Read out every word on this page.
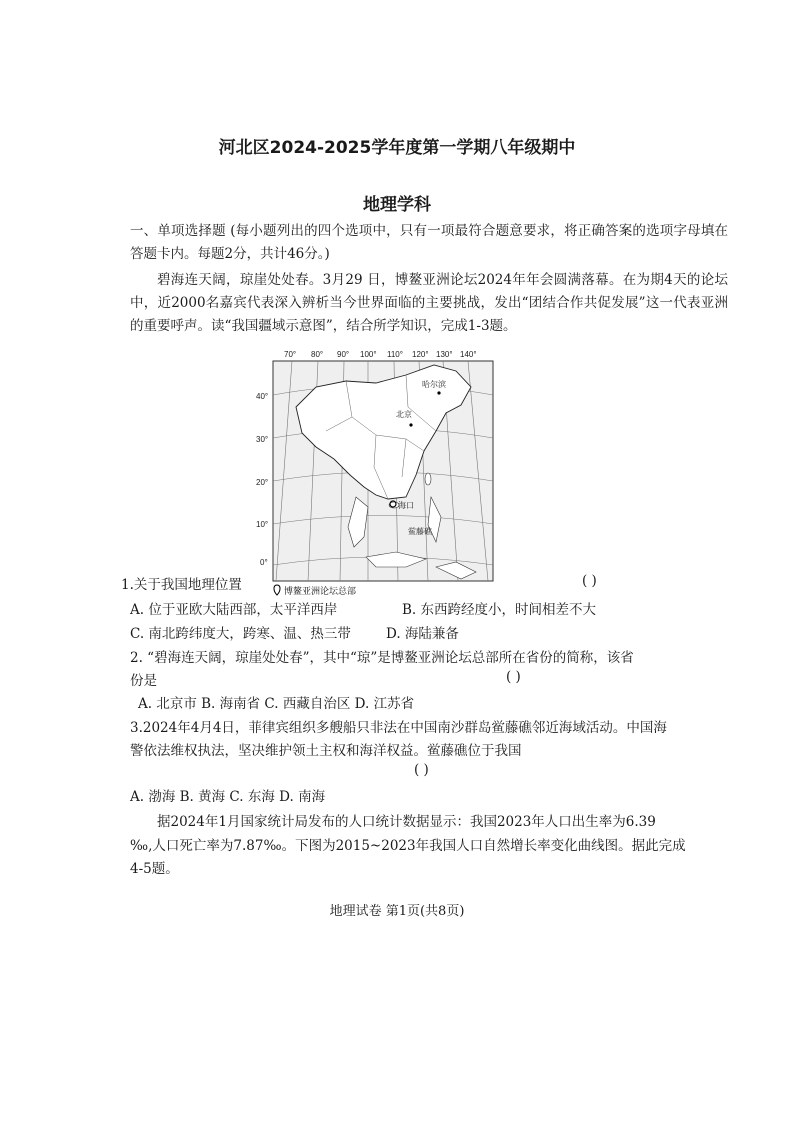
河北区2024-2025学年度第一学期八年级期中
地理学科

一、单项选择题 (每小题列出的四个选项中，只有一项最符合题意要求，将正确答案的选项字母填在答题卡内。每题2分，共计46分。)

碧海连天阔，琼崖处处春。3月29 日，博鳌亚洲论坛2024年年会圆满落幕。在为期4天的论坛中，近2000名嘉宾代表深入辨析当今世界面临的主要挑战，发出“团结合作共促发展”这一代表亚洲的重要呼声。读“我国疆域示意图”，结合所学知识，完成1-3题。

70° 80° 90° 100° 110° 120° 130° 140°
40°
30°
20°
10°
0°
哈尔滨
北京
海口
鲎藤礁
博鳌亚洲论坛总部
1.关于我国地理位置	( )
A. 位于亚欧大陆西部，太平洋西岸	B. 东西跨经度小，时间相差不大
C. 南北跨纬度大，跨寒、温、热三带	D. 海陆兼备
2. “碧海连天阔，琼崖处处春”，其中“琼”是博鳌亚洲论坛总部所在省份的简称，该省
份是	( )
A. 北京市 B. 海南省 C. 西藏自治区 D. 江苏省
3.2024年4月4日，菲律宾组织多艘船只非法在中国南沙群岛鲎藤礁邻近海域活动。中国海
警依法维权执法，坚决维护领土主权和海洋权益。鲎藤礁位于我国
( )
A. 渤海 B. 黄海 C. 东海 D. 南海
据2024年1月国家统计局发布的人口统计数据显示：我国2023年人口出生率为6.39
‰,人口死亡率为7.87‰。下图为2015~2023年我国人口自然增长率变化曲线图。据此完成
4-5题。
地理试卷 第1页(共8页)
